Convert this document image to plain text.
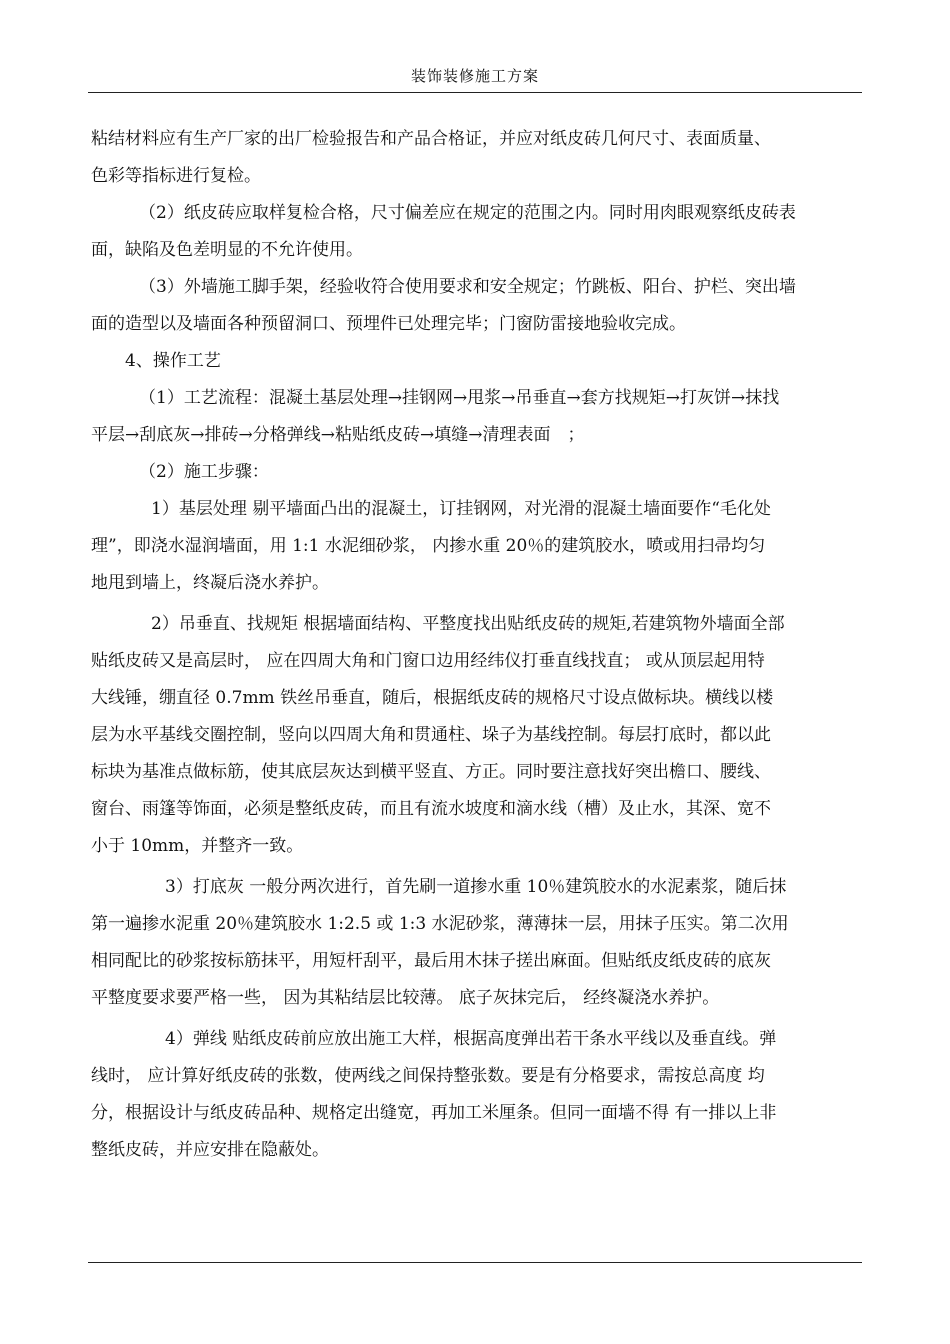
装饰装修施工方案
粘结材料应有生产厂家的出厂检验报告和产品合格证，并应对纸皮砖几何尺寸、表面质量、
色彩等指标进行复检。
（2）纸皮砖应取样复检合格，尺寸偏差应在规定的范围之内。同时用肉眼观察纸皮砖表
面，缺陷及色差明显的不允许使用。
（3）外墙施工脚手架，经验收符合使用要求和安全规定；竹跳板、阳台、护栏、突出墙
面的造型以及墙面各种预留洞口、预埋件已处理完毕；门窗防雷接地验收完成。
4、操作工艺
（1）工艺流程：混凝土基层处理→挂钢网→甩浆→吊垂直→套方找规矩→打灰饼→抹找
平层→刮底灰→排砖→分格弹线→粘贴纸皮砖→填缝→清理表面　；
（2）施工步骤：
1）基层处理 剔平墙面凸出的混凝土，订挂钢网，对光滑的混凝土墙面要作“毛化处
理”，即浇水湿润墙面，用 1:1 水泥细砂浆， 内掺水重 20％的建筑胶水，喷或用扫帚均匀
地甩到墙上，终凝后浇水养护。
2）吊垂直、找规矩 根据墙面结构、平整度找出贴纸皮砖的规矩,若建筑物外墙面全部
贴纸皮砖又是高层时， 应在四周大角和门窗口边用经纬仪打垂直线找直； 或从顶层起用特
大线锤，绷直径 0.7mm 铁丝吊垂直，随后，根据纸皮砖的规格尺寸设点做标块。横线以楼
层为水平基线交圈控制，竖向以四周大角和贯通柱、垛子为基线控制。每层打底时，都以此
标块为基准点做标筋，使其底层灰达到横平竖直、方正。同时要注意找好突出檐口、腰线、
窗台、雨篷等饰面，必须是整纸皮砖，而且有流水坡度和滴水线（槽）及止水，其深、宽不
小于 10mm，并整齐一致。
3）打底灰 一般分两次进行，首先刷一道掺水重 10％建筑胶水的水泥素浆，随后抹
第一遍掺水泥重 20％建筑胶水 1:2.5 或 1:3 水泥砂浆，薄薄抹一层，用抹子压实。第二次用
相同配比的砂浆按标筋抹平，用短杆刮平，最后用木抹子搓出麻面。但贴纸皮纸皮砖的底灰
平整度要求要严格一些， 因为其粘结层比较薄。 底子灰抹完后， 经终凝浇水养护。
4）弹线 贴纸皮砖前应放出施工大样，根据高度弹出若干条水平线以及垂直线。弹
线时， 应计算好纸皮砖的张数，使两线之间保持整张数。要是有分格要求，需按总高度 均
分，根据设计与纸皮砖品种、规格定出缝宽，再加工米厘条。但同一面墙不得 有一排以上非
整纸皮砖，并应安排在隐蔽处。
